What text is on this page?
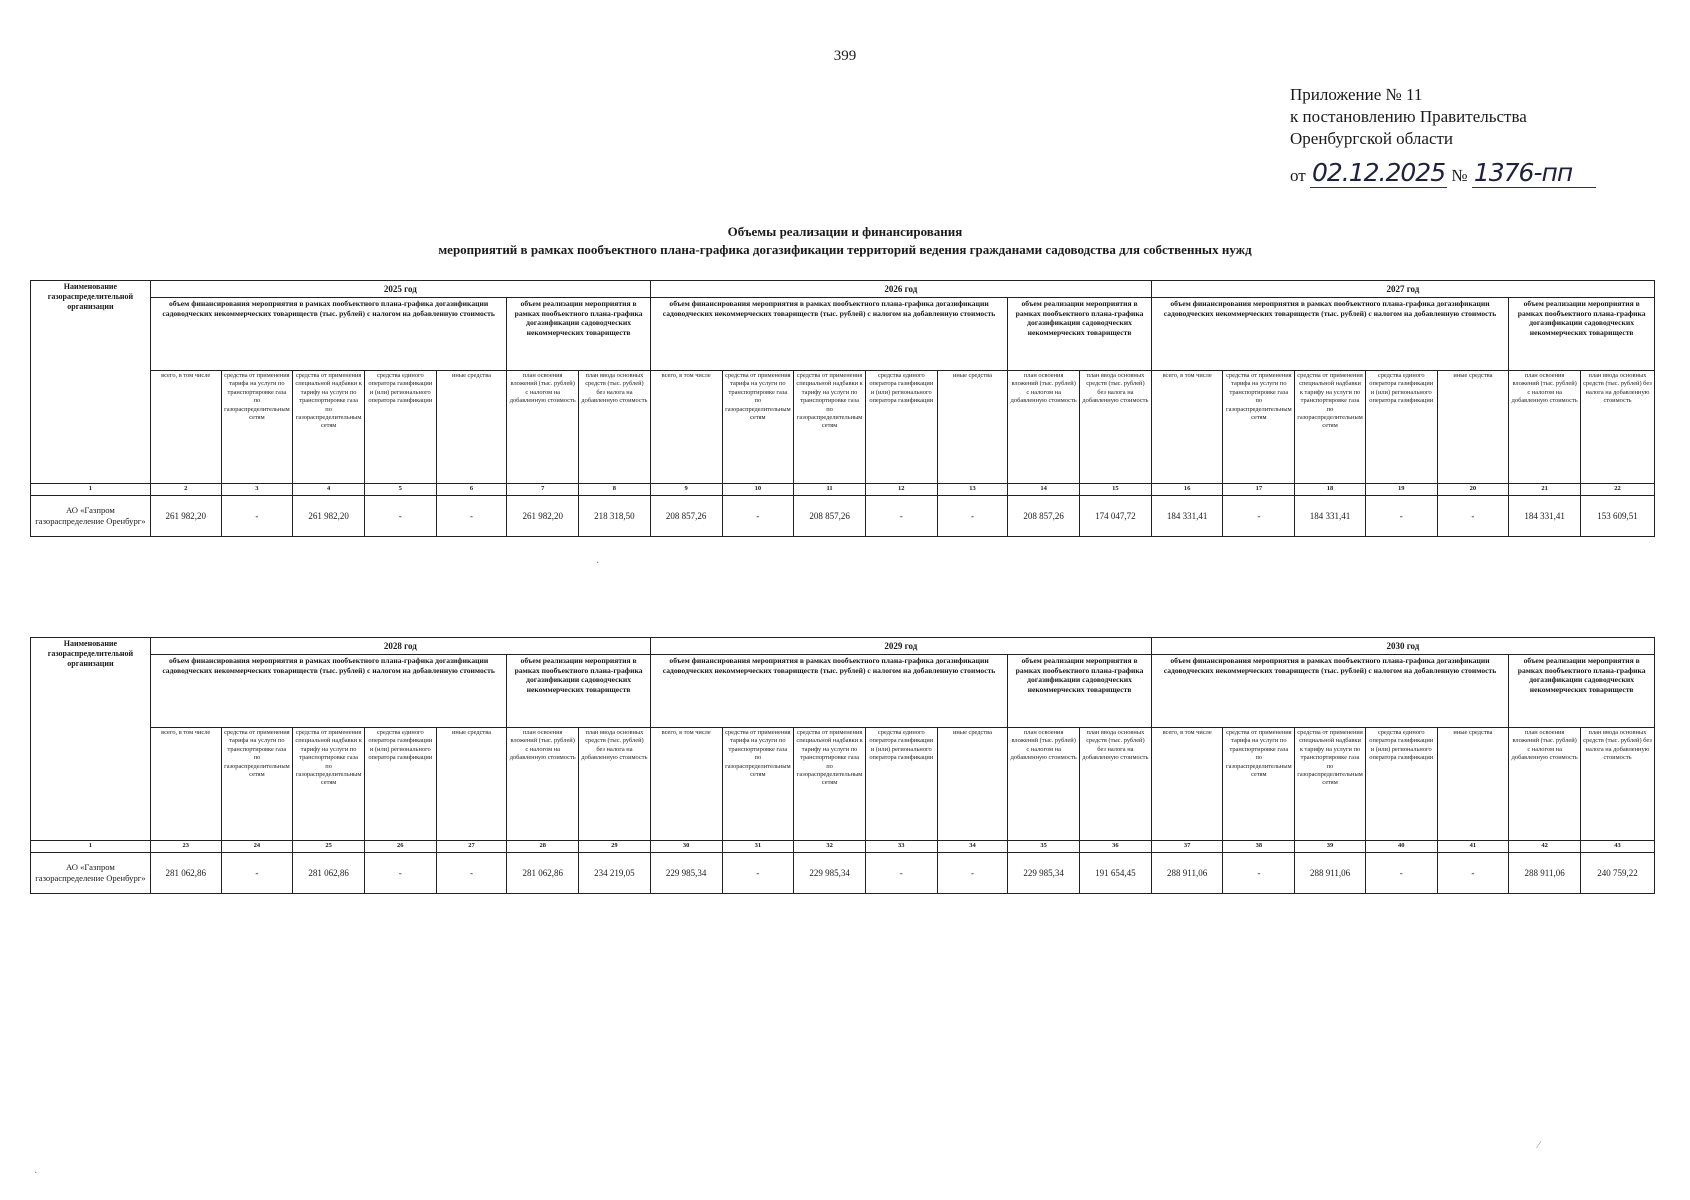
399
Приложение № 11
к постановлению Правительства
Оренбургской области
от 02.12.2025 № 1376-пп
Объемы реализации и финансирования
мероприятий в рамках пообъектного плана-графика догазификации территорий ведения гражданами садоводства для собственных нужд
Наименование газораспределительной организации	2025 год							2026 год							2027 год						
	объем финансирования мероприятия в рамках пообъектного плана-графика догазификации садоводческих некоммерческих товариществ (тыс. рублей) с налогом на добавленную стоимость					объем реализации мероприятия в рамках пообъектного плана-графика догазификации садоводческих некоммерческих товариществ		объем финансирования мероприятия в рамках пообъектного плана-графика догазификации садоводческих некоммерческих товариществ (тыс. рублей) с налогом на добавленную стоимость					объем реализации мероприятия в рамках пообъектного плана-графика догазификации садоводческих некоммерческих товариществ		объем финансирования мероприятия в рамках пообъектного плана-графика догазификации садоводческих некоммерческих товариществ (тыс. рублей) с налогом на добавленную стоимость					объем реализации мероприятия в рамках пообъектного плана-графика догазификации садоводческих некоммерческих товариществ	
	всего, в том числе	средства от применения тарифа на услуги по транспортировке газа по газораспределительным сетям	средства от применения специальной надбавки к тарифу на услуги по транспортировке газа по газораспределительным сетям	средства единого оператора газификации и (или) регионального оператора газификации	иные средства	план освоения вложений (тыс. рублей) с налогом на добавленную стоимость	план ввода основных средств (тыс. рублей) без налога на добавленную стоимость	всего, в том числе	средства от применения тарифа на услуги по транспортировке газа по газораспределительным сетям	средства от применения специальной надбавки к тарифу на услуги по транспортировке газа по газораспределительным сетям	средства единого оператора газификации и (или) регионального оператора газификации	иные средства	план освоения вложений (тыс. рублей) с налогом на добавленную стоимость	план ввода основных средств (тыс. рублей) без налога на добавленную стоимость	всего, в том числе	средства от применения тарифа на услуги по транспортировке газа по газораспределительным сетям	средства от применения специальной надбавки к тарифу на услуги по транспортировке газа по газораспределительным сетям	средства единого оператора газификации и (или) регионального оператора газификации	иные средства	план освоения вложений (тыс. рублей) с налогом на добавленную стоимость	план ввода основных средств (тыс. рублей) без налога на добавленную стоимость
1	2	3	4	5	6	7	8	9	10	11	12	13	14	15	16	17	18	19	20	21	22
АО «Газпром газораспределение Оренбург»	261 982,20	-	261 982,20	-	-	261 982,20	218 318,50	208 857,26	-	208 857,26	-	-	208 857,26	174 047,72	184 331,41	-	184 331,41	-	-	184 331,41	153 609,51
Наименование газораспределительной организации	2028 год							2029 год							2030 год						
	объем финансирования мероприятия в рамках пообъектного плана-графика догазификации садоводческих некоммерческих товариществ (тыс. рублей) с налогом на добавленную стоимость					объем реализации мероприятия в рамках пообъектного плана-графика догазификации садоводческих некоммерческих товариществ		объем финансирования мероприятия в рамках пообъектного плана-графика догазификации садоводческих некоммерческих товариществ (тыс. рублей) с налогом на добавленную стоимость					объем реализации мероприятия в рамках пообъектного плана-графика догазификации садоводческих некоммерческих товариществ		объем финансирования мероприятия в рамках пообъектного плана-графика догазификации садоводческих некоммерческих товариществ (тыс. рублей) с налогом на добавленную стоимость					объем реализации мероприятия в рамках пообъектного плана-графика догазификации садоводческих некоммерческих товариществ	
	всего, в том числе	средства от применения тарифа на услуги по транспортировке газа по газораспределительным сетям	средства от применения специальной надбавки к тарифу на услуги по транспортировке газа по газораспределительным сетям	средства единого оператора газификации и (или) регионального оператора газификации	иные средства	план освоения вложений (тыс. рублей) с налогом на добавленную стоимость	план ввода основных средств (тыс. рублей) без налога на добавленную стоимость	всего, в том числе	средства от применения тарифа на услуги по транспортировке газа по газораспределительным сетям	средства от применения специальной надбавки к тарифу на услуги по транспортировке газа по газораспределительным сетям	средства единого оператора газификации и (или) регионального оператора газификации	иные средства	план освоения вложений (тыс. рублей) с налогом на добавленную стоимость	план ввода основных средств (тыс. рублей) без налога на добавленную стоимость	всего, в том числе	средства от применения тарифа на услуги по транспортировке газа по газораспределительным сетям	средства от применения специальной надбавки к тарифу на услуги по транспортировке газа по газораспределительным сетям	средства единого оператора газификации и (или) регионального оператора газификации	иные средства	план освоения вложений (тыс. рублей) с налогом на добавленную стоимость	план ввода основных средств (тыс. рублей) без налога на добавленную стоимость
1	23	24	25	26	27	28	29	30	31	32	33	34	35	36	37	38	39	40	41	42	43
АО «Газпром газораспределение Оренбург»	281 062,86	-	281 062,86	-	-	281 062,86	234 219,05	229 985,34	-	229 985,34	-	-	229 985,34	191 654,45	288 911,06	-	288 911,06	-	-	288 911,06	240 759,22
·
⁄
·
